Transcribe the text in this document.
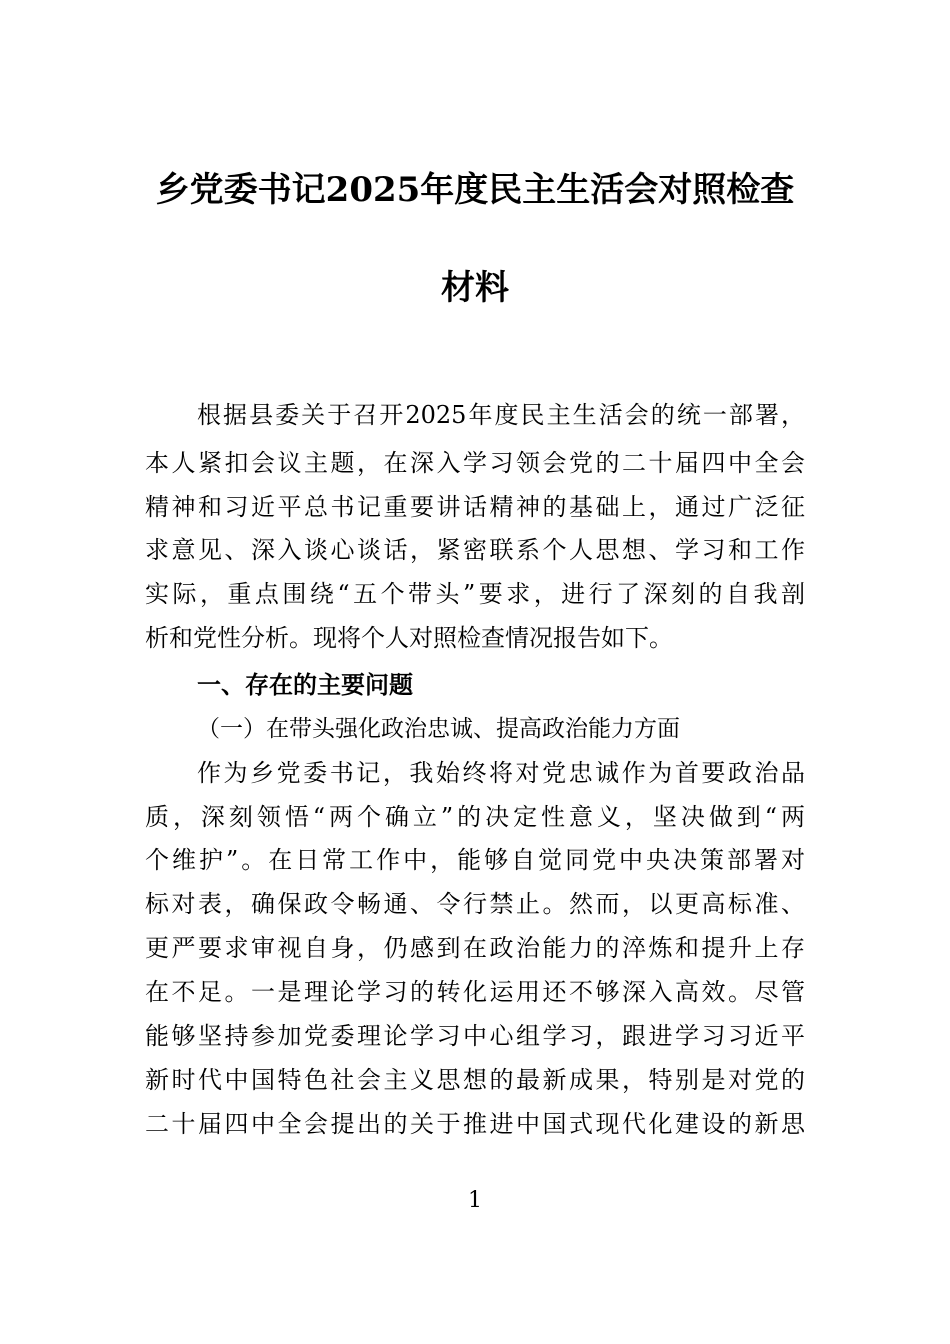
乡党委书记2025年度民主生活会对照检查
材料
根据县委关于召开2025年度民主生活会的统一部署，
本人紧扣会议主题，在深入学习领会党的二十届四中全会
精神和习近平总书记重要讲话精神的基础上，通过广泛征
求意见、深入谈心谈话，紧密联系个人思想、学习和工作
实际，重点围绕“五个带头”要求，进行了深刻的自我剖
析和党性分析。现将个人对照检查情况报告如下。
一、存在的主要问题
（一）在带头强化政治忠诚、提高政治能力方面
作为乡党委书记，我始终将对党忠诚作为首要政治品
质，深刻领悟“两个确立”的决定性意义，坚决做到“两
个维护”。在日常工作中，能够自觉同党中央决策部署对
标对表，确保政令畅通、令行禁止。然而，以更高标准、
更严要求审视自身，仍感到在政治能力的淬炼和提升上存
在不足。一是理论学习的转化运用还不够深入高效。尽管
能够坚持参加党委理论学习中心组学习，跟进学习习近平
新时代中国特色社会主义思想的最新成果，特别是对党的
二十届四中全会提出的关于推进中国式现代化建设的新思
1
